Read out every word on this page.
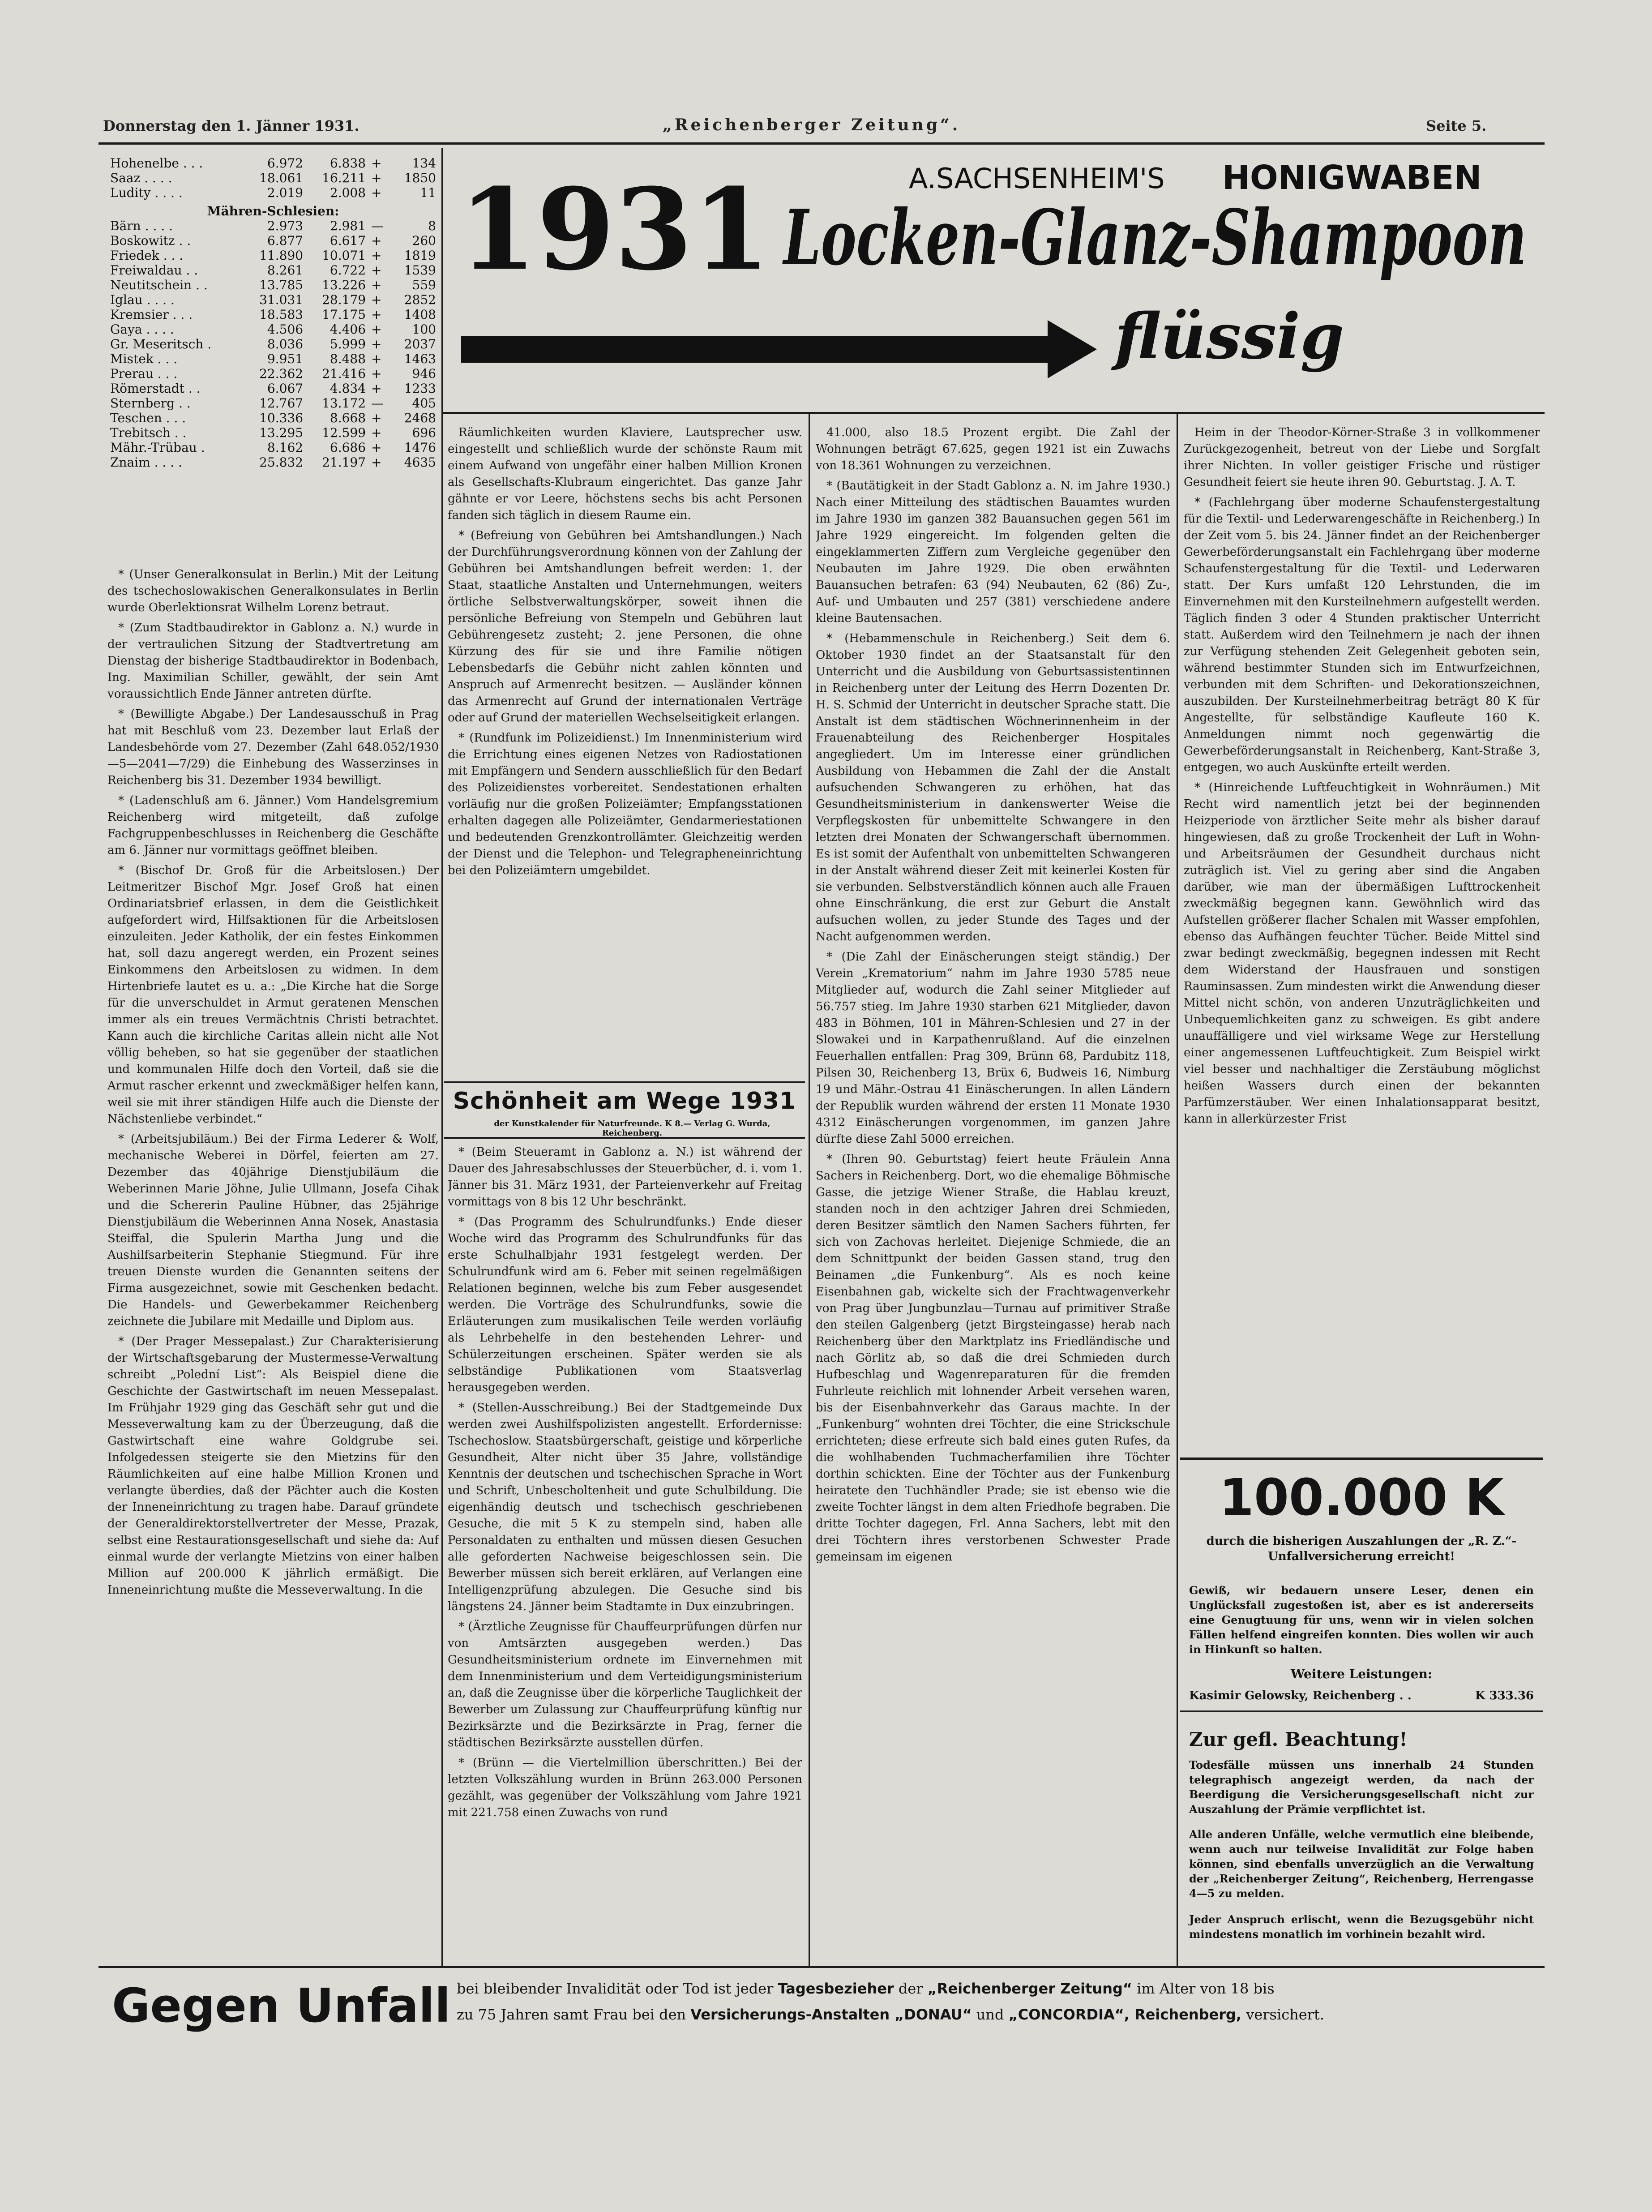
Donnerstag den 1. Jänner 1931.	„Reichenberger Zeitung“.	Seite 5.
Hohenelbe . . .	6.972	6.838	+	134
Saaz . . . .	18.061	16.211	+	1850
Ludity . . . .	2.019	2.008	+	11
Mähren-Schlesien:				
Bärn . . . .	2.973	2.981	—	8
Boskowitz . .	6.877	6.617	+	260
Friedek . . .	11.890	10.071	+	1819
Freiwaldau . .	8.261	6.722	+	1539
Neutitschein . .	13.785	13.226	+	559
Iglau . . . .	31.031	28.179	+	2852
Kremsier . . .	18.583	17.175	+	1408
Gaya . . . .	4.506	4.406	+	100
Gr. Meseritsch .	8.036	5.999	+	2037
Mistek . . .	9.951	8.488	+	1463
Prerau . . .	22.362	21.416	+	946
Römerstadt . .	6.067	4.834	+	1233
Sternberg . .	12.767	13.172	—	405
Teschen . . .	10.336	8.668	+	2468
Trebitsch . .	13.295	12.599	+	696
Mähr.-Trübau .	8.162	6.686	+	1476
Znaim . . . .	25.832	21.197	+	4635

* (Unser Generalkonsulat in Berlin.) Mit der Leitung des tschechoslowakischen Generalkonsulates in Berlin wurde Oberlektionsrat Wilhelm Lorenz betraut.

* (Zum Stadtbaudirektor in Gablonz a. N.) wurde in der vertraulichen Sitzung der Stadtvertretung am Dienstag der bisherige Stadtbaudirektor in Bodenbach, Ing. Maximilian Schiller, gewählt, der sein Amt voraussichtlich Ende Jänner antreten dürfte.

* (Bewilligte Abgabe.) Der Landesausschuß in Prag hat mit Beschluß vom 23. Dezember laut Erlaß der Landesbehörde vom 27. Dezember (Zahl 648.052/1930—5—2041—7/29) die Einhebung des Wasserzinses in Reichenberg bis 31. Dezember 1934 bewilligt.

* (Ladenschluß am 6. Jänner.) Vom Handelsgremium Reichenberg wird mitgeteilt, daß zufolge Fachgruppenbeschlusses in Reichenberg die Geschäfte am 6. Jänner nur vormittags geöffnet bleiben.

* (Bischof Dr. Groß für die Arbeitslosen.) Der Leitmeritzer Bischof Mgr. Josef Groß hat einen Ordinariatsbrief erlassen, in dem die Geistlichkeit aufgefordert wird, Hilfsaktionen für die Arbeitslosen einzuleiten. Jeder Katholik, der ein festes Einkommen hat, soll dazu angeregt werden, ein Prozent seines Einkommens den Arbeitslosen zu widmen. In dem Hirtenbriefe lautet es u. a.: „Die Kirche hat die Sorge für die unverschuldet in Armut geratenen Menschen immer als ein treues Vermächtnis Christi betrachtet. Kann auch die kirchliche Caritas allein nicht alle Not völlig beheben, so hat sie gegenüber der staatlichen und kommunalen Hilfe doch den Vorteil, daß sie die Armut rascher erkennt und zweckmäßiger helfen kann, weil sie mit ihrer ständigen Hilfe auch die Dienste der Nächstenliebe verbindet.“

* (Arbeitsjubiläum.) Bei der Firma Lederer & Wolf, mechanische Weberei in Dörfel, feierten am 27. Dezember das 40jährige Dienstjubiläum die Weberinnen Marie Jöhne, Julie Ullmann, Josefa Cihak und die Schererin Pauline Hübner, das 25jährige Dienstjubiläum die Weberinnen Anna Nosek, Anastasia Steiffal, die Spulerin Martha Jung und die Aushilfsarbeiterin Stephanie Stiegmund. Für ihre treuen Dienste wurden die Genannten seitens der Firma ausgezeichnet, sowie mit Geschenken bedacht. Die Handels- und Gewerbekammer Reichenberg zeichnete die Jubilare mit Medaille und Diplom aus.

* (Der Prager Messepalast.) Zur Charakterisierung der Wirtschaftsgebarung der Mustermesse-Verwaltung schreibt „Polední List“: Als Beispiel diene die Geschichte der Gastwirtschaft im neuen Messepalast. Im Frühjahr 1929 ging das Geschäft sehr gut und die Messeverwaltung kam zu der Überzeugung, daß die Gastwirtschaft eine wahre Goldgrube sei. Infolgedessen steigerte sie den Mietzins für den Räumlichkeiten auf eine halbe Million Kronen und verlangte überdies, daß der Pächter auch die Kosten der Inneneinrichtung zu tragen habe. Darauf gründete der Generaldirektorstellvertreter der Messe, Prazak, selbst eine Restaurationsgesellschaft und siehe da: Auf einmal wurde der verlangte Mietzins von einer halben Million auf 200.000 K jährlich ermäßigt. Die Inneneinrichtung mußte die Messeverwaltung. In die

1931	A.SACHSENHEIM'S HONIGWABEN
Locken-Glanz-Shampoon
flüssig

Räumlichkeiten wurden Klaviere, Lautsprecher usw. eingestellt und schließlich wurde der schönste Raum mit einem Aufwand von ungefähr einer halben Million Kronen als Gesellschafts-Klubraum eingerichtet. Das ganze Jahr gähnte er vor Leere, höchstens sechs bis acht Personen fanden sich täglich in diesem Raume ein.

* (Befreiung von Gebühren bei Amtshandlungen.) Nach der Durchführungsverordnung können von der Zahlung der Gebühren bei Amtshandlungen befreit werden: 1. der Staat, staatliche Anstalten und Unternehmungen, weiters örtliche Selbstverwaltungskörper, soweit ihnen die persönliche Befreiung von Stempeln und Gebühren laut Gebührengesetz zusteht; 2. jene Personen, die ohne Kürzung des für sie und ihre Familie nötigen Lebensbedarfs die Gebühr nicht zahlen könnten und Anspruch auf Armenrecht besitzen. — Ausländer können das Armenrecht auf Grund der internationalen Verträge oder auf Grund der materiellen Wechselseitigkeit erlangen.

* (Rundfunk im Polizeidienst.) Im Innenministerium wird die Errichtung eines eigenen Netzes von Radiostationen mit Empfängern und Sendern ausschließlich für den Bedarf des Polizeidienstes vorbereitet. Sendestationen erhalten vorläufig nur die großen Polizeiämter; Empfangsstationen erhalten dagegen alle Polizeiämter, Gendarmeriestationen und bedeutenden Grenzkontrollämter. Gleichzeitig werden der Dienst und die Telephon- und Telegrapheneinrichtung bei den Polizeiämtern umgebildet.

Schönheit am Wege 1931
der Kunstkalender für Naturfreunde. K 8.— Verlag G. Wurda, Reichenberg.

* (Beim Steueramt in Gablonz a. N.) ist während der Dauer des Jahresabschlusses der Steuerbücher, d. i. vom 1. Jänner bis 31. März 1931, der Parteienverkehr auf Freitag vormittags von 8 bis 12 Uhr beschränkt.

* (Das Programm des Schulrundfunks.) Ende dieser Woche wird das Programm des Schulrundfunks für das erste Schulhalbjahr 1931 festgelegt werden. Der Schulrundfunk wird am 6. Feber mit seinen regelmäßigen Relationen beginnen, welche bis zum Feber ausgesendet werden. Die Vorträge des Schulrundfunks, sowie die Erläuterungen zum musikalischen Teile werden vorläufig als Lehrbehelfe in den bestehenden Lehrer- und Schülerzeitungen erscheinen. Später werden sie als selbständige Publikationen vom Staatsverlag herausgegeben werden.

* (Stellen-Ausschreibung.) Bei der Stadtgemeinde Dux werden zwei Aushilfspolizisten angestellt. Erfordernisse: Tschechoslow. Staatsbürgerschaft, geistige und körperliche Gesundheit, Alter nicht über 35 Jahre, vollständige Kenntnis der deutschen und tschechischen Sprache in Wort und Schrift, Unbescholtenheit und gute Schulbildung. Die eigenhändig deutsch und tschechisch geschriebenen Gesuche, die mit 5 K zu stempeln sind, haben alle Personaldaten zu enthalten und müssen diesen Gesuchen alle geforderten Nachweise beigeschlossen sein. Die Bewerber müssen sich bereit erklären, auf Verlangen eine Intelligenzprüfung abzulegen. Die Gesuche sind bis längstens 24. Jänner beim Stadtamte in Dux einzubringen.

* (Ärztliche Zeugnisse für Chauffeurprüfungen dürfen nur von Amtsärzten ausgegeben werden.) Das Gesundheitsministerium ordnete im Einvernehmen mit dem Innenministerium und dem Verteidigungsministerium an, daß die Zeugnisse über die körperliche Tauglichkeit der Bewerber um Zulassung zur Chauffeurprüfung künftig nur Bezirksärzte und die Bezirksärzte in Prag, ferner die städtischen Bezirksärzte ausstellen dürfen.

* (Brünn — die Viertelmillion überschritten.) Bei der letzten Volkszählung wurden in Brünn 263.000 Personen gezählt, was gegenüber der Volkszählung vom Jahre 1921 mit 221.758 einen Zuwachs von rund

41.000, also 18.5 Prozent ergibt. Die Zahl der Wohnungen beträgt 67.625, gegen 1921 ist ein Zuwachs von 18.361 Wohnungen zu verzeichnen.

* (Bautätigkeit in der Stadt Gablonz a. N. im Jahre 1930.) Nach einer Mitteilung des städtischen Bauamtes wurden im Jahre 1930 im ganzen 382 Bauansuchen gegen 561 im Jahre 1929 eingereicht. Im folgenden gelten die eingeklammerten Ziffern zum Vergleiche gegenüber den Neubauten im Jahre 1929. Die oben erwähnten Bauansuchen betrafen: 63 (94) Neubauten, 62 (86) Zu-, Auf- und Umbauten und 257 (381) verschiedene andere kleine Bautensachen.

* (Hebammenschule in Reichenberg.) Seit dem 6. Oktober 1930 findet an der Staatsanstalt für den Unterricht und die Ausbildung von Geburtsassistentinnen in Reichenberg unter der Leitung des Herrn Dozenten Dr. H. S. Schmid der Unterricht in deutscher Sprache statt. Die Anstalt ist dem städtischen Wöchnerinnenheim in der Frauenabteilung des Reichenberger Hospitales angegliedert. Um im Interesse einer gründlichen Ausbildung von Hebammen die Zahl der die Anstalt aufsuchenden Schwangeren zu erhöhen, hat das Gesundheitsministerium in dankenswerter Weise die Verpflegskosten für unbemittelte Schwangere in den letzten drei Monaten der Schwangerschaft übernommen. Es ist somit der Aufenthalt von unbemittelten Schwangeren in der Anstalt während dieser Zeit mit keinerlei Kosten für sie verbunden. Selbstverständlich können auch alle Frauen ohne Einschränkung, die erst zur Geburt die Anstalt aufsuchen wollen, zu jeder Stunde des Tages und der Nacht aufgenommen werden.

* (Die Zahl der Einäscherungen steigt ständig.) Der Verein „Krematorium“ nahm im Jahre 1930 5785 neue Mitglieder auf, wodurch die Zahl seiner Mitglieder auf 56.757 stieg. Im Jahre 1930 starben 621 Mitglieder, davon 483 in Böhmen, 101 in Mähren-Schlesien und 27 in der Slowakei und in Karpathenrußland. Auf die einzelnen Feuerhallen entfallen: Prag 309, Brünn 68, Pardubitz 118, Pilsen 30, Reichenberg 13, Brüx 6, Budweis 16, Nimburg 19 und Mähr.-Ostrau 41 Einäscherungen. In allen Ländern der Republik wurden während der ersten 11 Monate 1930 4312 Einäscherungen vorgenommen, im ganzen Jahre dürfte diese Zahl 5000 erreichen.

* (Ihren 90. Geburtstag) feiert heute Fräulein Anna Sachers in Reichenberg. Dort, wo die ehemalige Böhmische Gasse, die jetzige Wiener Straße, die Hablau kreuzt, standen noch in den achtziger Jahren drei Schmieden, deren Besitzer sämtlich den Namen Sachers führten, fer sich von Zachovas herleitet. Diejenige Schmiede, die an dem Schnittpunkt der beiden Gassen stand, trug den Beinamen „die Funkenburg“. Als es noch keine Eisenbahnen gab, wickelte sich der Frachtwagenverkehr von Prag über Jungbunzlau—Turnau auf primitiver Straße den steilen Galgenberg (jetzt Birgsteingasse) herab nach Reichenberg über den Marktplatz ins Friedländische und nach Görlitz ab, so daß die drei Schmieden durch Hufbeschlag und Wagenreparaturen für die fremden Fuhrleute reichlich mit lohnender Arbeit versehen waren, bis der Eisenbahnverkehr das Garaus machte. In der „Funkenburg“ wohnten drei Töchter, die eine Strickschule errichteten; diese erfreute sich bald eines guten Rufes, da die wohlhabenden Tuchmacherfamilien ihre Töchter dorthin schickten. Eine der Töchter aus der Funkenburg heiratete den Tuchhändler Prade; sie ist ebenso wie die zweite Tochter längst in dem alten Friedhofe begraben. Die dritte Tochter dagegen, Frl. Anna Sachers, lebt mit den drei Töchtern ihres verstorbenen Schwester Prade gemeinsam im eigenen

Heim in der Theodor-Körner-Straße 3 in vollkommener Zurückgezogenheit, betreut von der Liebe und Sorgfalt ihrer Nichten. In voller geistiger Frische und rüstiger Gesundheit feiert sie heute ihren 90. Geburtstag. J. A. T.

* (Fachlehrgang über moderne Schaufenstergestaltung für die Textil- und Lederwarengeschäfte in Reichenberg.) In der Zeit vom 5. bis 24. Jänner findet an der Reichenberger Gewerbeförderungsanstalt ein Fachlehrgang über moderne Schaufenstergestaltung für die Textil- und Lederwaren statt. Der Kurs umfaßt 120 Lehrstunden, die im Einvernehmen mit den Kursteilnehmern aufgestellt werden. Täglich finden 3 oder 4 Stunden praktischer Unterricht statt. Außerdem wird den Teilnehmern je nach der ihnen zur Verfügung stehenden Zeit Gelegenheit geboten sein, während bestimmter Stunden sich im Entwurfzeichnen, verbunden mit dem Schriften- und Dekorationszeichnen, auszubilden. Der Kursteilnehmerbeitrag beträgt 80 K für Angestellte, für selbständige Kaufleute 160 K. Anmeldungen nimmt noch gegenwärtig die Gewerbeförderungsanstalt in Reichenberg, Kant-Straße 3, entgegen, wo auch Auskünfte erteilt werden.

* (Hinreichende Luftfeuchtigkeit in Wohnräumen.) Mit Recht wird namentlich jetzt bei der beginnenden Heizperiode von ärztlicher Seite mehr als bisher darauf hingewiesen, daß zu große Trockenheit der Luft in Wohn- und Arbeitsräumen der Gesundheit durchaus nicht zuträglich ist. Viel zu gering aber sind die Angaben darüber, wie man der übermäßigen Lufttrockenheit zweckmäßig begegnen kann. Gewöhnlich wird das Aufstellen größerer flacher Schalen mit Wasser empfohlen, ebenso das Aufhängen feuchter Tücher. Beide Mittel sind zwar bedingt zweckmäßig, begegnen indessen mit Recht dem Widerstand der Hausfrauen und sonstigen Rauminsassen. Zum mindesten wirkt die Anwendung dieser Mittel nicht schön, von anderen Unzuträglichkeiten und Unbequemlichkeiten ganz zu schweigen. Es gibt andere unauffälligere und viel wirksame Wege zur Herstellung einer angemessenen Luftfeuchtigkeit. Zum Beispiel wirkt viel besser und nachhaltiger die Zerstäubung möglichst heißen Wassers durch einen der bekannten Parfümzerstäuber. Wer einen Inhalationsapparat besitzt, kann in allerkürzester Frist

100.000 K
durch die bisherigen Auszahlungen der „R. Z.“-Unfallversicherung erreicht!
Gewiß, wir bedauern unsere Leser, denen ein Unglücksfall zugestoßen ist, aber es ist andererseits eine Genugtuung für uns, wenn wir in vielen solchen Fällen helfend eingreifen konnten. Dies wollen wir auch in Hinkunft so halten.
Weitere Leistungen:
Kasimir Gelowsky, Reichenberg . .	K 333.36
Zur gefl. Beachtung!
Todesfälle müssen uns innerhalb 24 Stunden telegraphisch angezeigt werden, da nach der Beerdigung die Versicherungsgesellschaft nicht zur Auszahlung der Prämie verpflichtet ist.
Alle anderen Unfälle, welche vermutlich eine bleibende, wenn auch nur teilweise Invalidität zur Folge haben können, sind ebenfalls unverzüglich an die Verwaltung der „Reichenberger Zeitung“, Reichenberg, Herrengasse 4—5 zu melden.
Jeder Anspruch erlischt, wenn die Bezugsgebühr nicht mindestens monatlich im vorhinein bezahlt wird.
Gegen Unfall bei bleibender Invalidität oder Tod ist jeder Tagesbezieher der „Reichenberger Zeitung“ im Alter von 18 bis
zu 75 Jahren samt Frau bei den Versicherungs-Anstalten „DONAU“ und „CONCORDIA“, Reichenberg, versichert.
